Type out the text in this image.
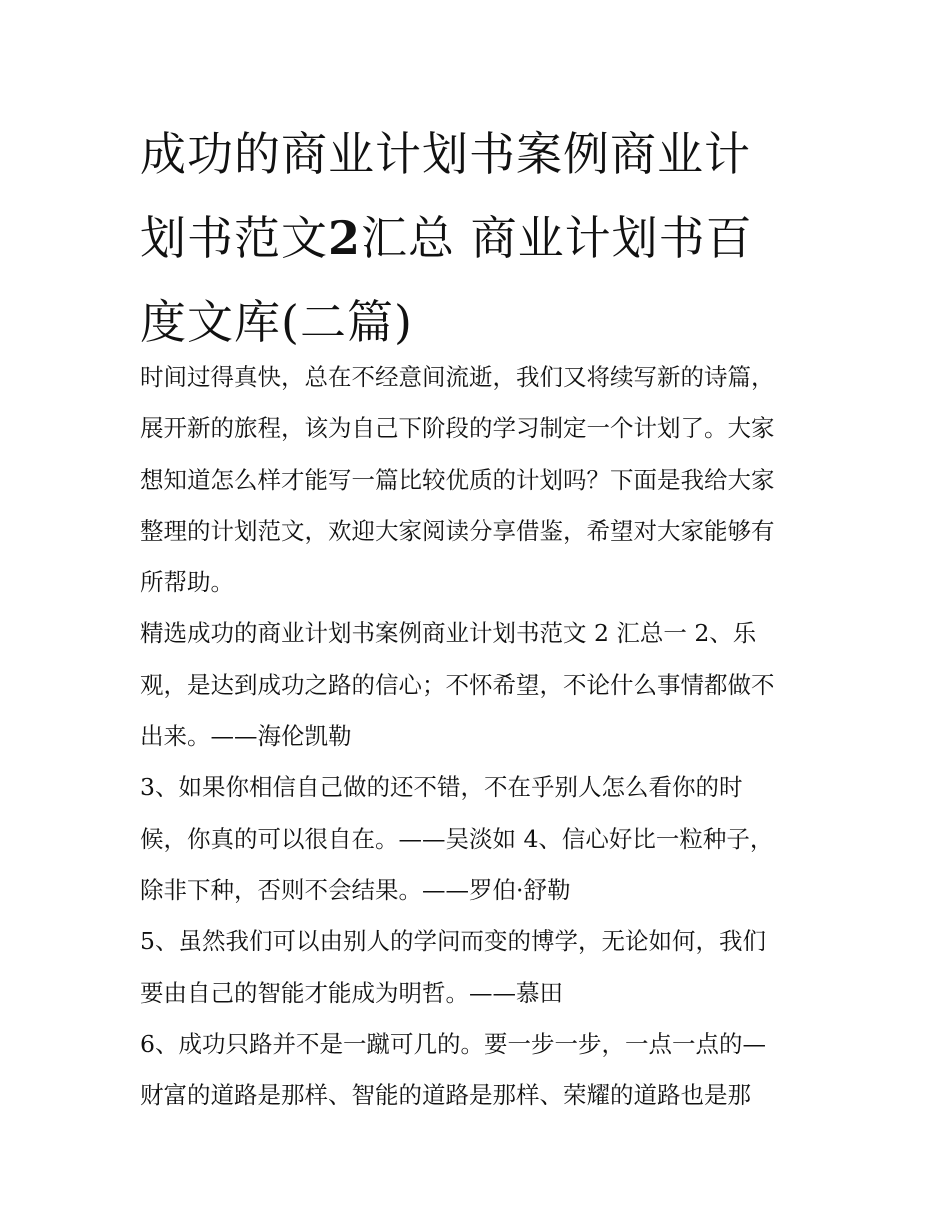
成功的商业计划书案例商业计
划书范文2汇总 商业计划书百
度文库(二篇)
时间过得真快，总在不经意间流逝，我们又将续写新的诗篇，
展开新的旅程，该为自己下阶段的学习制定一个计划了。大家
想知道怎么样才能写一篇比较优质的计划吗？下面是我给大家
整理的计划范文，欢迎大家阅读分享借鉴，希望对大家能够有
所帮助。
精选成功的商业计划书案例商业计划书范文 2 汇总一 2、乐
观，是达到成功之路的信心；不怀希望，不论什么事情都做不
出来。——海伦凯勒
3、如果你相信自己做的还不错，不在乎别人怎么看你的时
候，你真的可以很自在。——吴淡如 4、信心好比一粒种子，
除非下种，否则不会结果。——罗伯·舒勒
5、虽然我们可以由别人的学问而变的博学，无论如何，我们
要由自己的智能才能成为明哲。——慕田
6、成功只路并不是一蹴可几的。要一步一步，一点一点的—
财富的道路是那样、智能的道路是那样、荣耀的道路也是那
